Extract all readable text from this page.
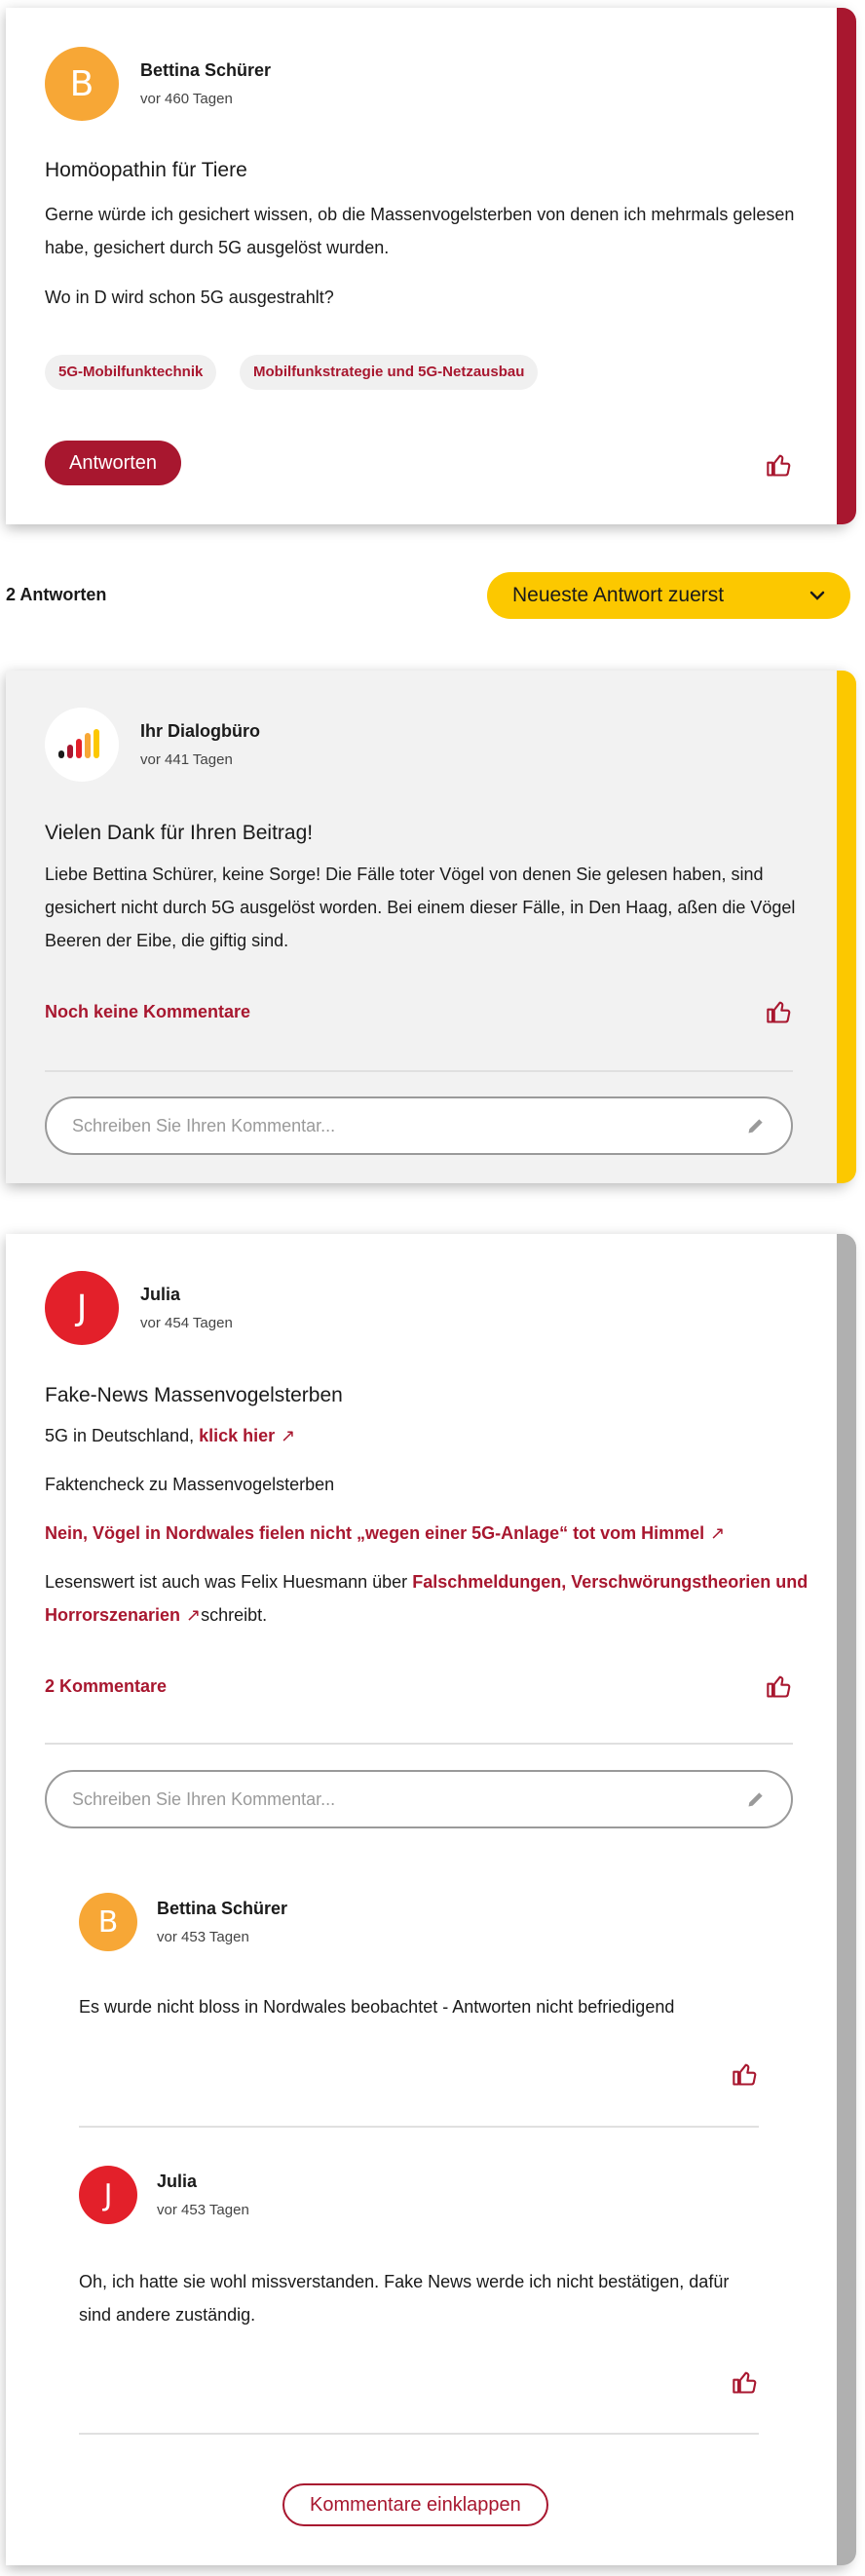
B	Bettina Schürer
vor 460 Tagen
Homöopathin für Tiere
Gerne würde ich gesichert wissen, ob die Massenvogelsterben von denen ich mehrmals gelesen habe, gesichert durch 5G ausgelöst wurden.
Wo in D wird schon 5G ausgestrahlt?
5G-Mobilfunktechnik	Mobilfunkstrategie und 5G-Netzausbau
Antworten
2 Antworten	Neueste Antwort zuerst
Ihr Dialogbüro
vor 441 Tagen
Vielen Dank für Ihren Beitrag!
Liebe Bettina Schürer, keine Sorge! Die Fälle toter Vögel von denen Sie gelesen haben, sind gesichert nicht durch 5G ausgelöst worden. Bei einem dieser Fälle, in Den Haag, aßen die Vögel Beeren der Eibe, die giftig sind.
Noch keine Kommentare
Schreiben Sie Ihren Kommentar...
J	Julia
vor 454 Tagen
Fake-News Massenvogelsterben
5G in Deutschland, klick hier ↗
Faktencheck zu Massenvogelsterben
Nein, Vögel in Nordwales fielen nicht „wegen einer 5G-Anlage“ tot vom Himmel ↗
Lesenswert ist auch was Felix Huesmann über Falschmeldungen, Verschwörungstheorien und Horrorszenarien ↗schreibt.
2 Kommentare
Schreiben Sie Ihren Kommentar...
B	Bettina Schürer
vor 453 Tagen
Es wurde nicht bloss in Nordwales beobachtet - Antworten nicht befriedigend
J	Julia
vor 453 Tagen
Oh, ich hatte sie wohl missverstanden. Fake News werde ich nicht bestätigen, dafür sind andere zuständig.
Kommentare einklappen
